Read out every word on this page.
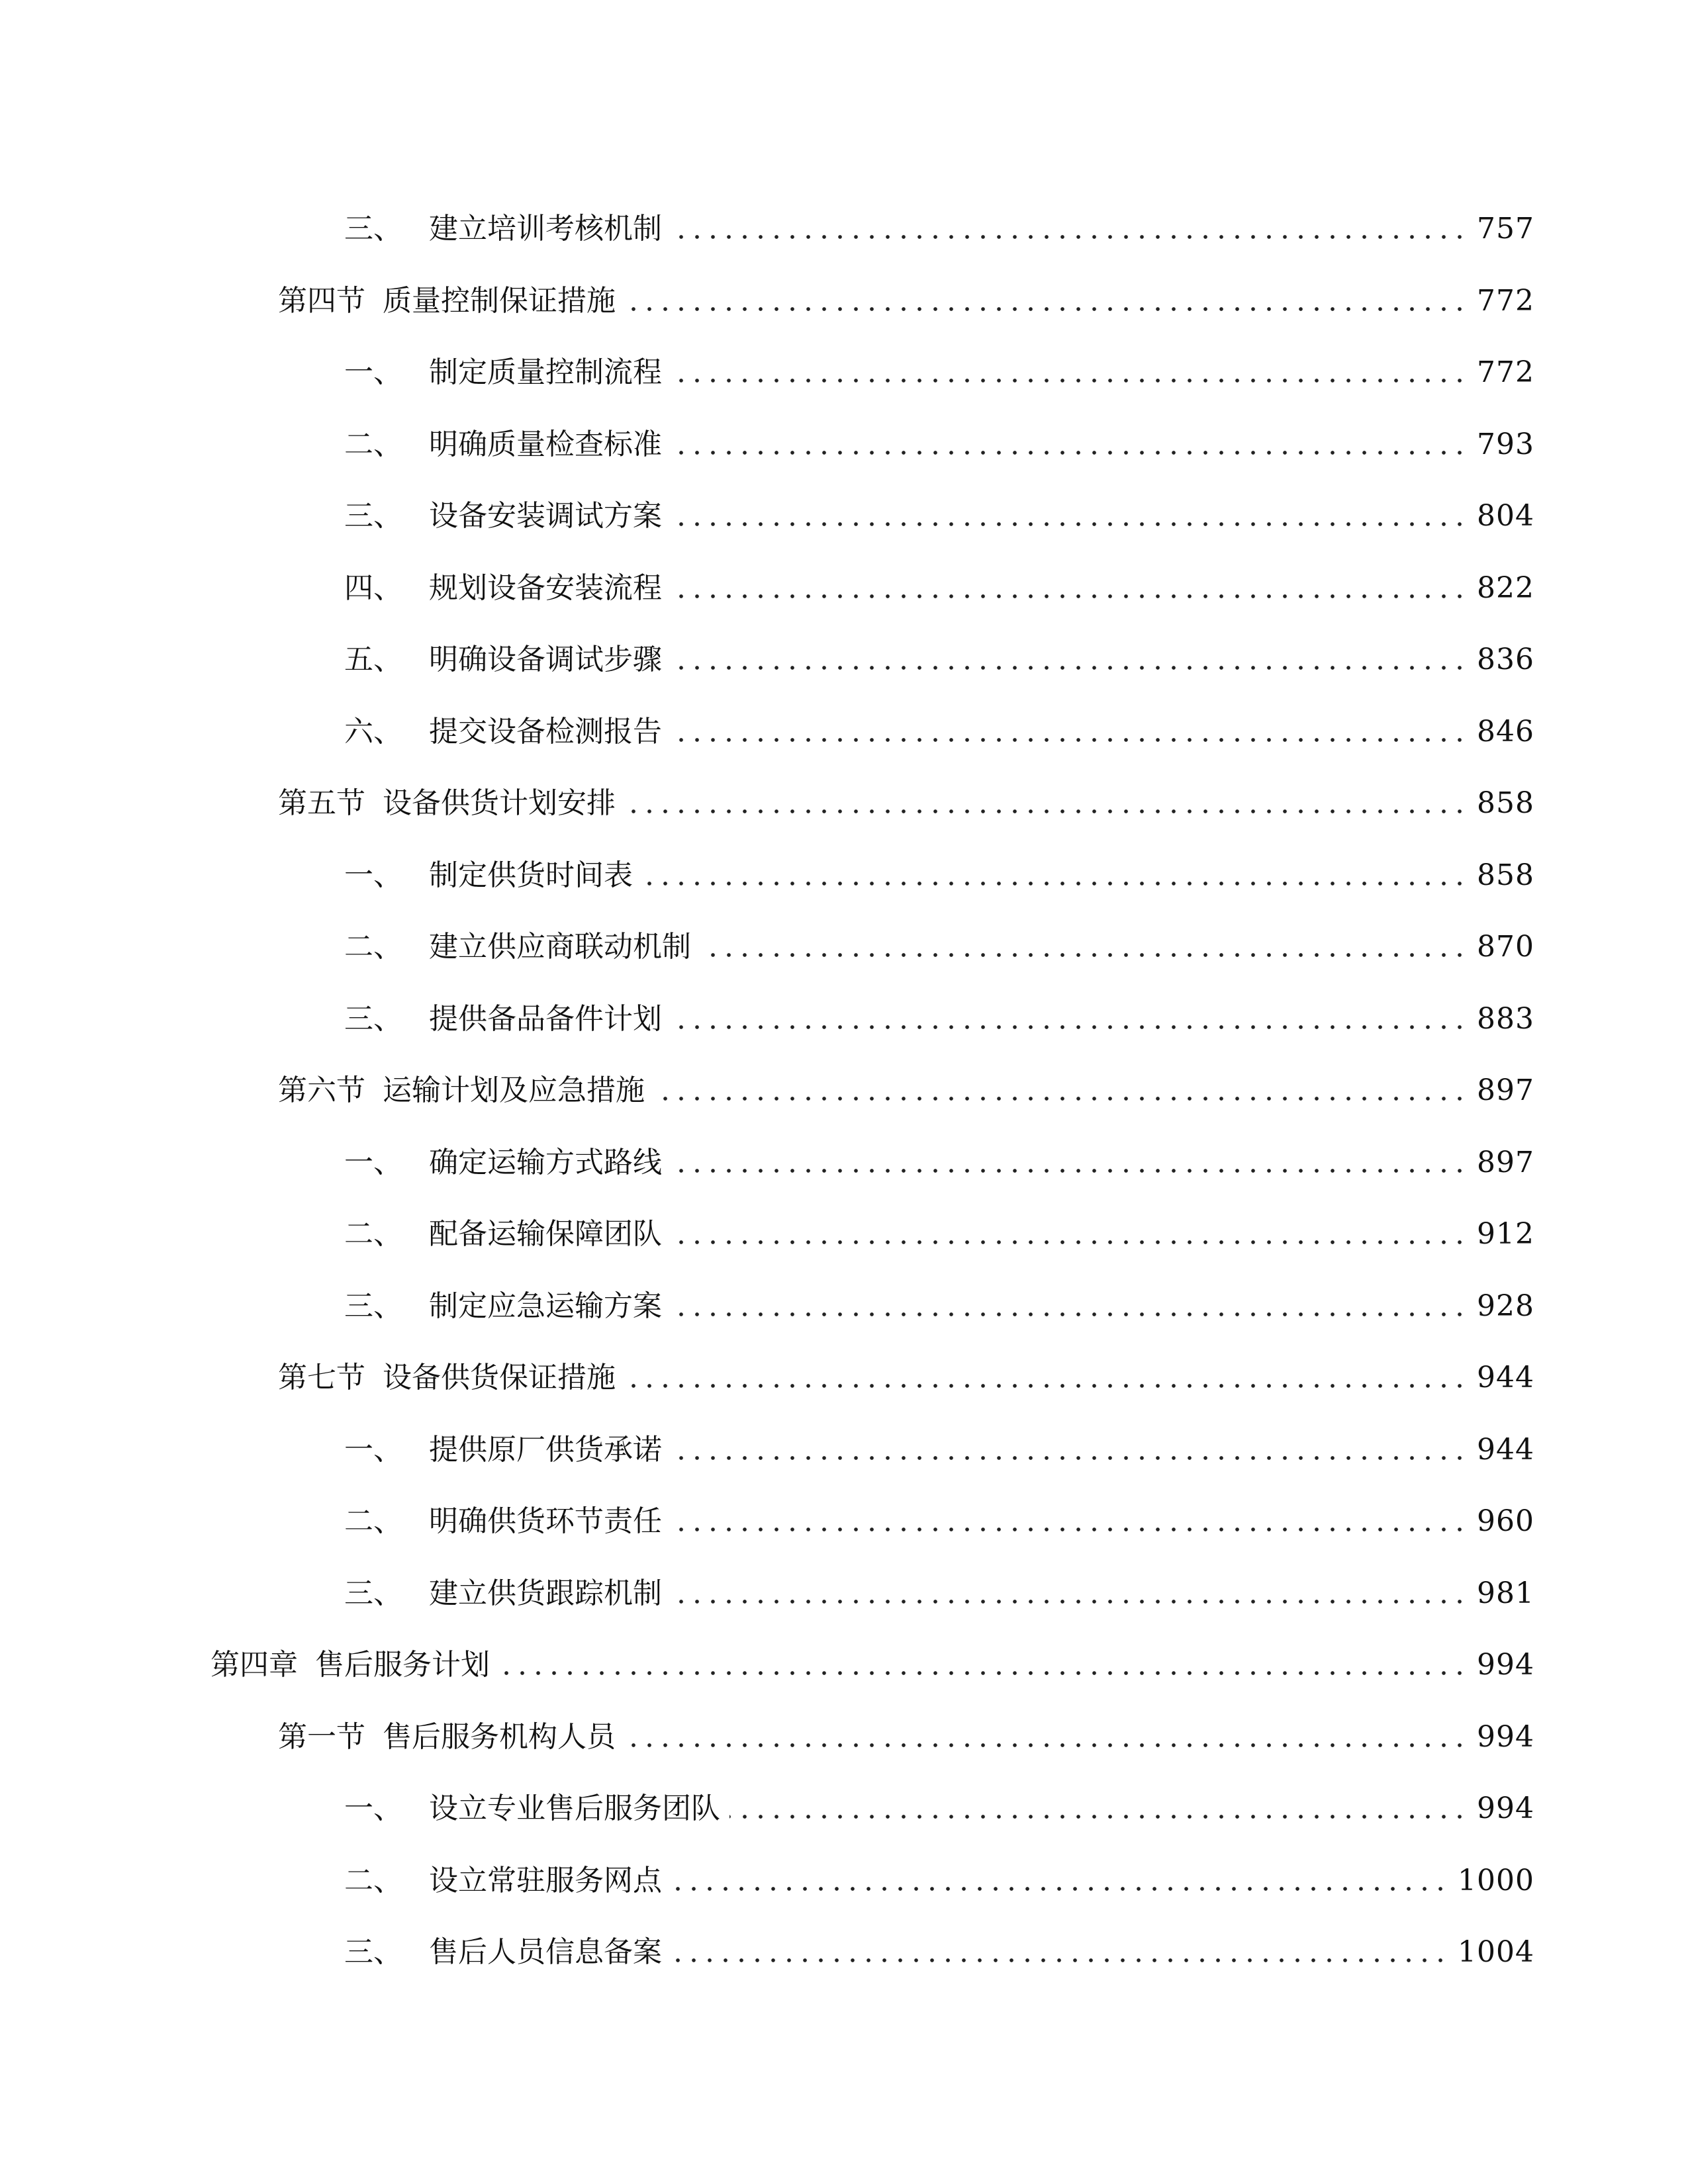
三、 建立培训考核机制	757
第四节 质量控制保证措施	772
一、 制定质量控制流程	772
二、 明确质量检查标准	793
三、 设备安装调试方案	804
四、 规划设备安装流程	822
五、 明确设备调试步骤	836
六、 提交设备检测报告	846
第五节 设备供货计划安排	858
一、 制定供货时间表	858
二、 建立供应商联动机制	870
三、 提供备品备件计划	883
第六节 运输计划及应急措施	897
一、 确定运输方式路线	897
二、 配备运输保障团队	912
三、 制定应急运输方案	928
第七节 设备供货保证措施	944
一、 提供原厂供货承诺	944
二、 明确供货环节责任	960
三、 建立供货跟踪机制	981
第四章 售后服务计划	994
第一节 售后服务机构人员	994
一、 设立专业售后服务团队	994
二、 设立常驻服务网点	1000
三、 售后人员信息备案	1004
